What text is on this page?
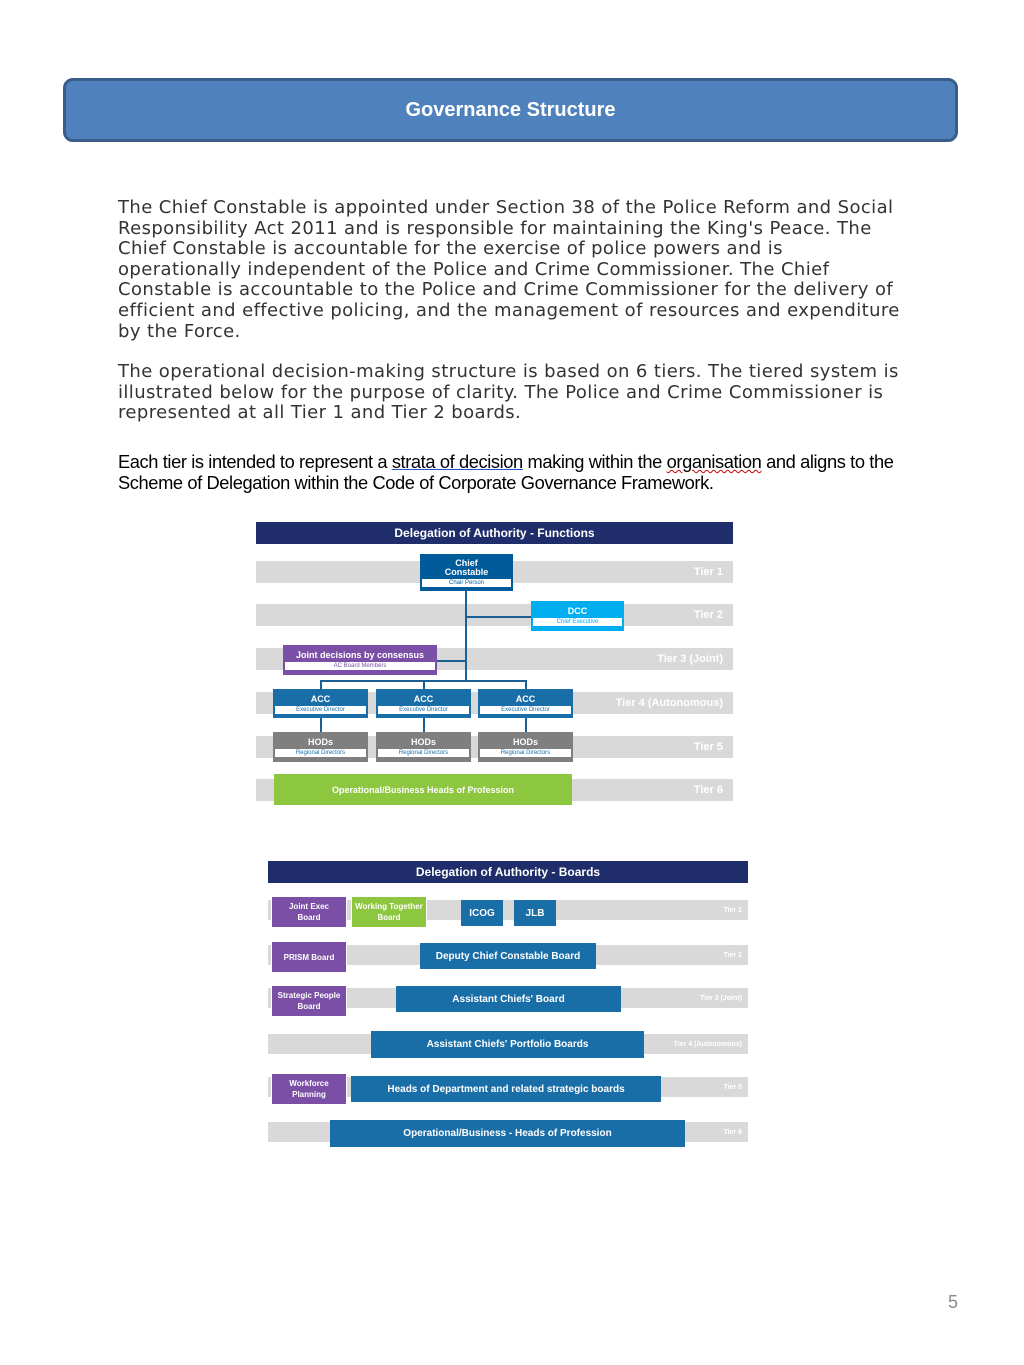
Governance Structure

The Chief Constable is appointed under Section 38 of the Police Reform and Social Responsibility Act 2011 and is responsible for maintaining the King's Peace. The Chief Constable is accountable for the exercise of police powers and is operationally independent of the Police and Crime Commissioner. The Chief Constable is accountable to the Police and Crime Commissioner for the delivery of efficient and effective policing, and the management of resources and expenditure by the Force.

The operational decision-making structure is based on 6 tiers. The tiered system is illustrated below for the purpose of clarity. The Police and Crime Commissioner is represented at all Tier 1 and Tier 2 boards.

Each tier is intended to represent a strata of decision making within the organisation and aligns to the Scheme of Delegation within the Code of Corporate Governance Framework.

Delegation of Authority - Functions
Tier 1
Tier 2
Tier 3 (Joint)
Tier 4 (Autonomous)
Tier 5
Tier 6
Chief Constable
Chair Person
DCC
Chief Executive
Joint decisions by consensus
AC Board Members
ACC
Executive Director
ACC
Executive Director
ACC
Executive Director
HODs
Regional Directors
HODs
Regional Directors
HODs
Regional Directors
Operational/Business Heads of Profession
Delegation of Authority - Boards
Tier 1
Tier 2
Tier 3 (Joint)
Tier 4 (Autonomous)
Tier 5
Tier 6
Joint Exec Board
Working Together Board	ICOG	JLB
PRISM Board	Deputy Chief Constable Board
Strategic People Board
Assistant Chiefs' Board
Assistant Chiefs' Portfolio Boards
Workforce Planning	Heads of Department and related strategic boards
Operational/Business - Heads of Profession
5
